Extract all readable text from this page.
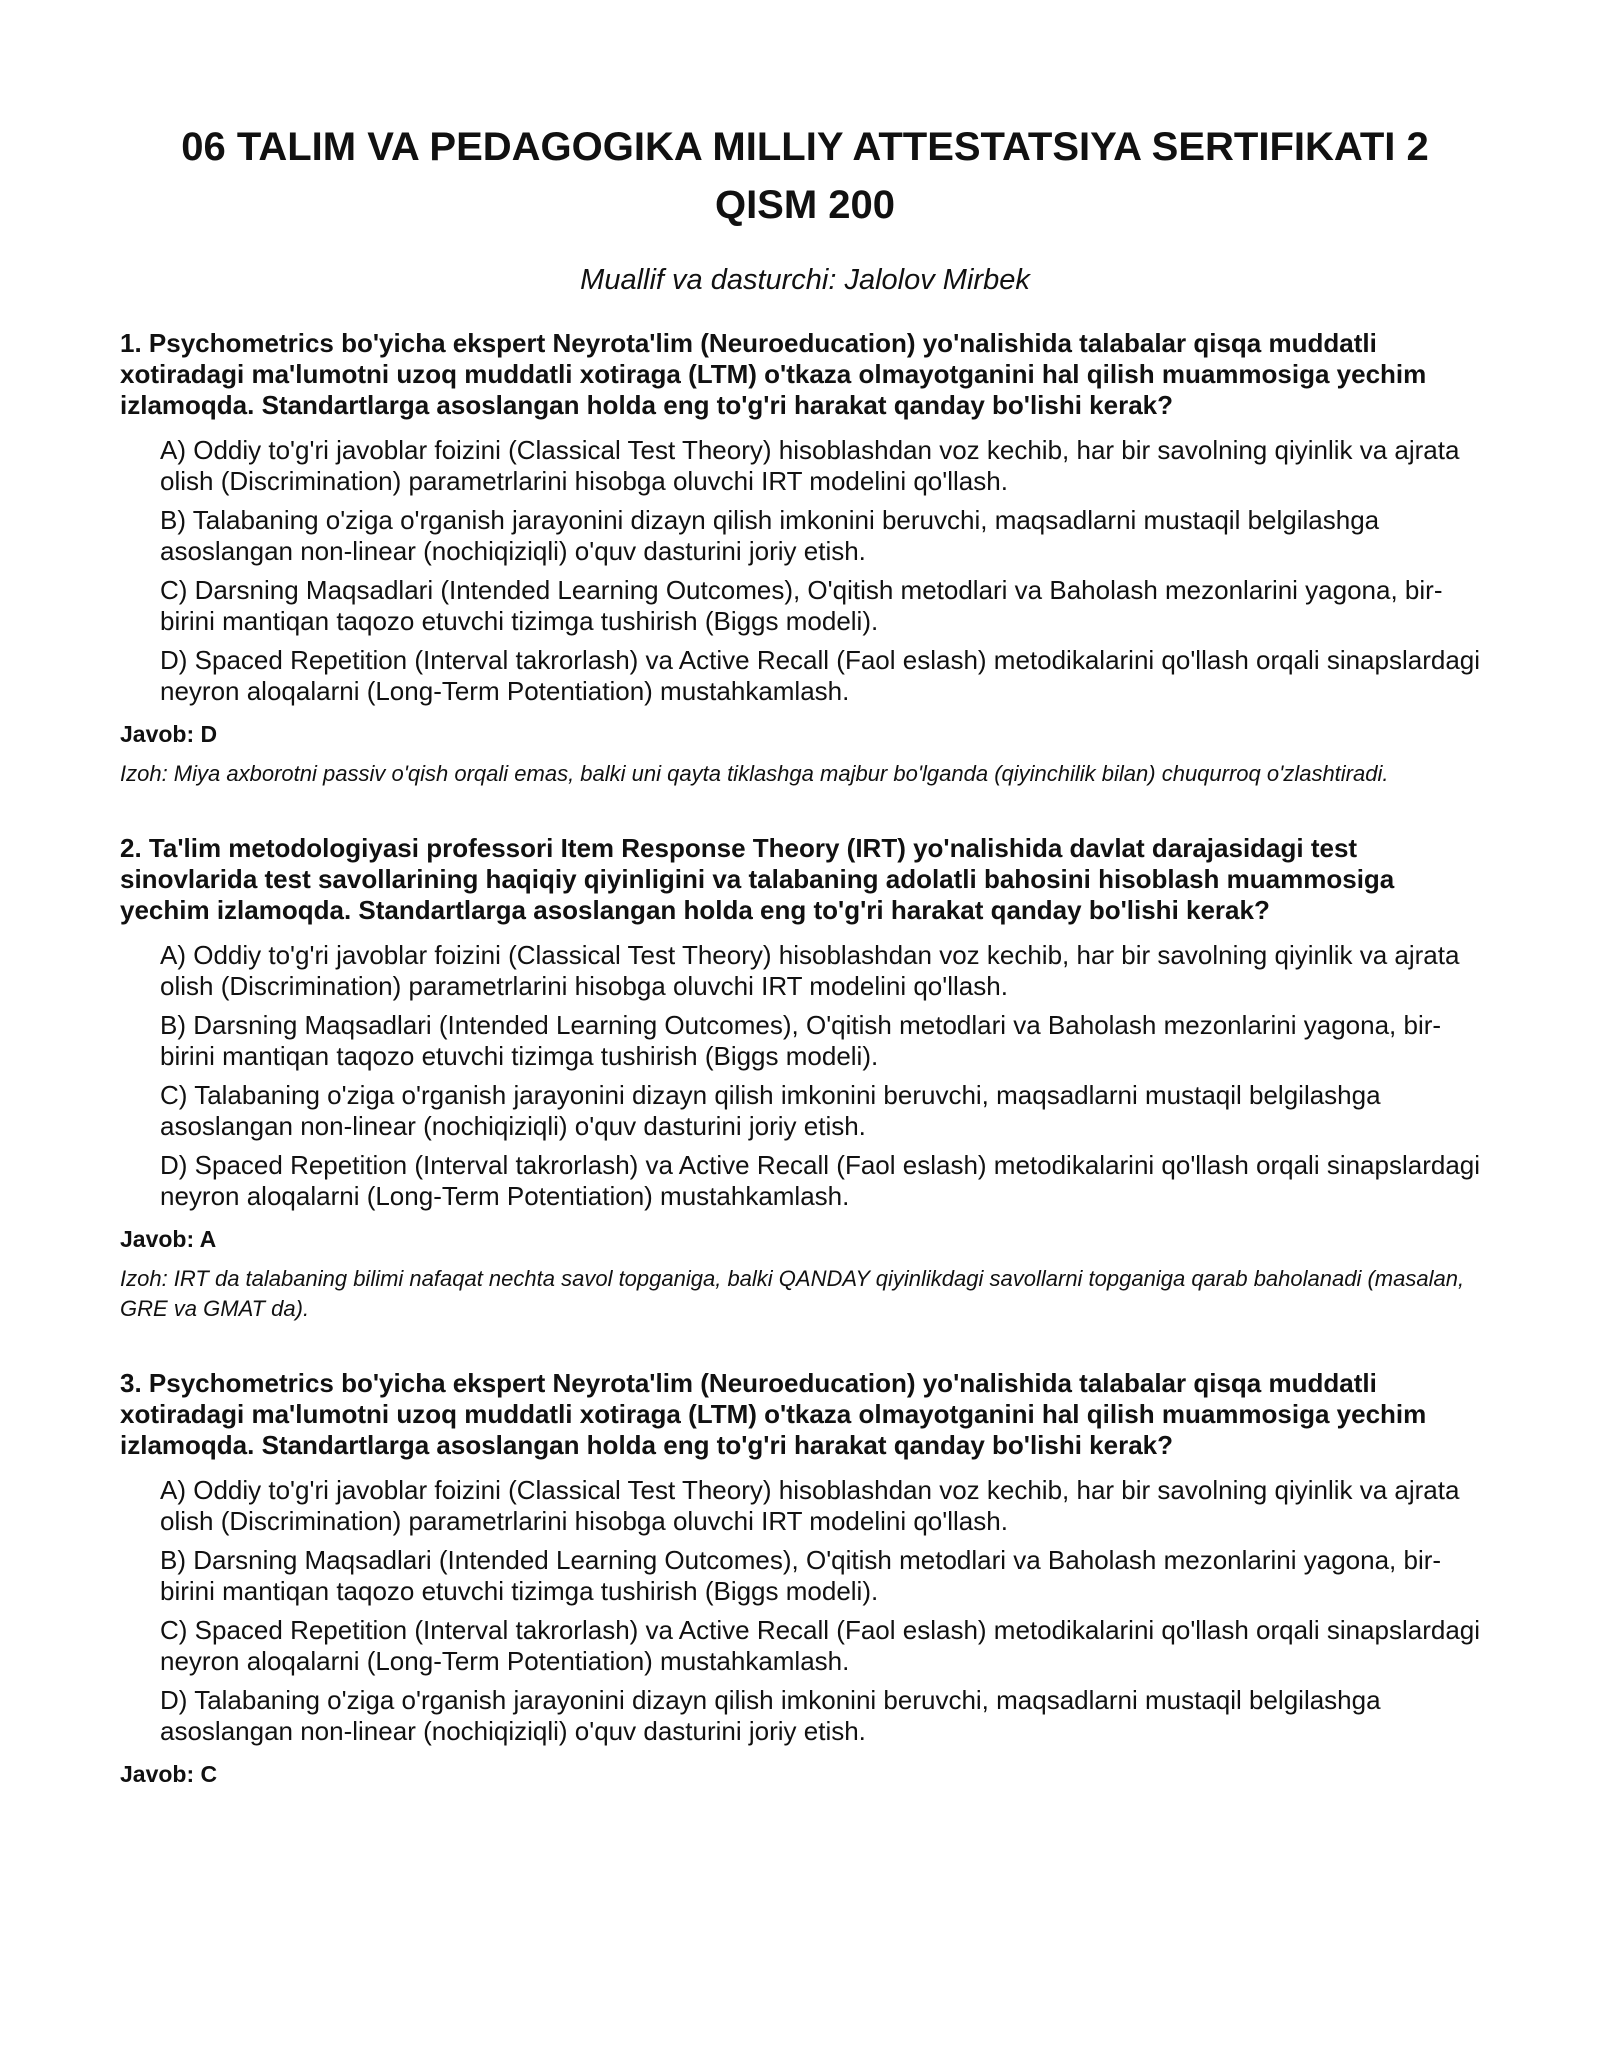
06 TALIM VA PEDAGOGIKA MILLIY ATTESTATSIYA SERTIFIKATI 2 QISM 200
Muallif va dasturchi: Jalolov Mirbek

1. Psychometrics bo'yicha ekspert Neyrota'lim (Neuroeducation) yo'nalishida talabalar qisqa muddatli xotiradagi ma'lumotni uzoq muddatli xotiraga (LTM) o'tkaza olmayotganini hal qilish muammosiga yechim izlamoqda. Standartlarga asoslangan holda eng to'g'ri harakat qanday bo'lishi kerak?

A) Oddiy to'g'ri javoblar foizini (Classical Test Theory) hisoblashdan voz kechib, har bir savolning qiyinlik va ajrata olish (Discrimination) parametrlarini hisobga oluvchi IRT modelini qo'llash.

B) Talabaning o'ziga o'rganish jarayonini dizayn qilish imkonini beruvchi, maqsadlarni mustaqil belgilashga asoslangan non-linear (nochiqiziqli) o'quv dasturini joriy etish.

C) Darsning Maqsadlari (Intended Learning Outcomes), O'qitish metodlari va Baholash mezonlarini yagona, bir-birini mantiqan taqozo etuvchi tizimga tushirish (Biggs modeli).

D) Spaced Repetition (Interval takrorlash) va Active Recall (Faol eslash) metodikalarini qo'llash orqali sinapslardagi neyron aloqalarni (Long-Term Potentiation) mustahkamlash.

Javob: D

Izoh: Miya axborotni passiv o'qish orqali emas, balki uni qayta tiklashga majbur bo'lganda (qiyinchilik bilan) chuqurroq o'zlashtiradi.

2. Ta'lim metodologiyasi professori Item Response Theory (IRT) yo'nalishida davlat darajasidagi test sinovlarida test savollarining haqiqiy qiyinligini va talabaning adolatli bahosini hisoblash muammosiga yechim izlamoqda. Standartlarga asoslangan holda eng to'g'ri harakat qanday bo'lishi kerak?

A) Oddiy to'g'ri javoblar foizini (Classical Test Theory) hisoblashdan voz kechib, har bir savolning qiyinlik va ajrata olish (Discrimination) parametrlarini hisobga oluvchi IRT modelini qo'llash.

B) Darsning Maqsadlari (Intended Learning Outcomes), O'qitish metodlari va Baholash mezonlarini yagona, bir-birini mantiqan taqozo etuvchi tizimga tushirish (Biggs modeli).

C) Talabaning o'ziga o'rganish jarayonini dizayn qilish imkonini beruvchi, maqsadlarni mustaqil belgilashga asoslangan non-linear (nochiqiziqli) o'quv dasturini joriy etish.

D) Spaced Repetition (Interval takrorlash) va Active Recall (Faol eslash) metodikalarini qo'llash orqali sinapslardagi neyron aloqalarni (Long-Term Potentiation) mustahkamlash.

Javob: A

Izoh: IRT da talabaning bilimi nafaqat nechta savol topganiga, balki QANDAY qiyinlikdagi savollarni topganiga qarab baholanadi (masalan, GRE va GMAT da).

3. Psychometrics bo'yicha ekspert Neyrota'lim (Neuroeducation) yo'nalishida talabalar qisqa muddatli xotiradagi ma'lumotni uzoq muddatli xotiraga (LTM) o'tkaza olmayotganini hal qilish muammosiga yechim izlamoqda. Standartlarga asoslangan holda eng to'g'ri harakat qanday bo'lishi kerak?

A) Oddiy to'g'ri javoblar foizini (Classical Test Theory) hisoblashdan voz kechib, har bir savolning qiyinlik va ajrata olish (Discrimination) parametrlarini hisobga oluvchi IRT modelini qo'llash.

B) Darsning Maqsadlari (Intended Learning Outcomes), O'qitish metodlari va Baholash mezonlarini yagona, bir-birini mantiqan taqozo etuvchi tizimga tushirish (Biggs modeli).

C) Spaced Repetition (Interval takrorlash) va Active Recall (Faol eslash) metodikalarini qo'llash orqali sinapslardagi neyron aloqalarni (Long-Term Potentiation) mustahkamlash.

D) Talabaning o'ziga o'rganish jarayonini dizayn qilish imkonini beruvchi, maqsadlarni mustaqil belgilashga asoslangan non-linear (nochiqiziqli) o'quv dasturini joriy etish.

Javob: C
